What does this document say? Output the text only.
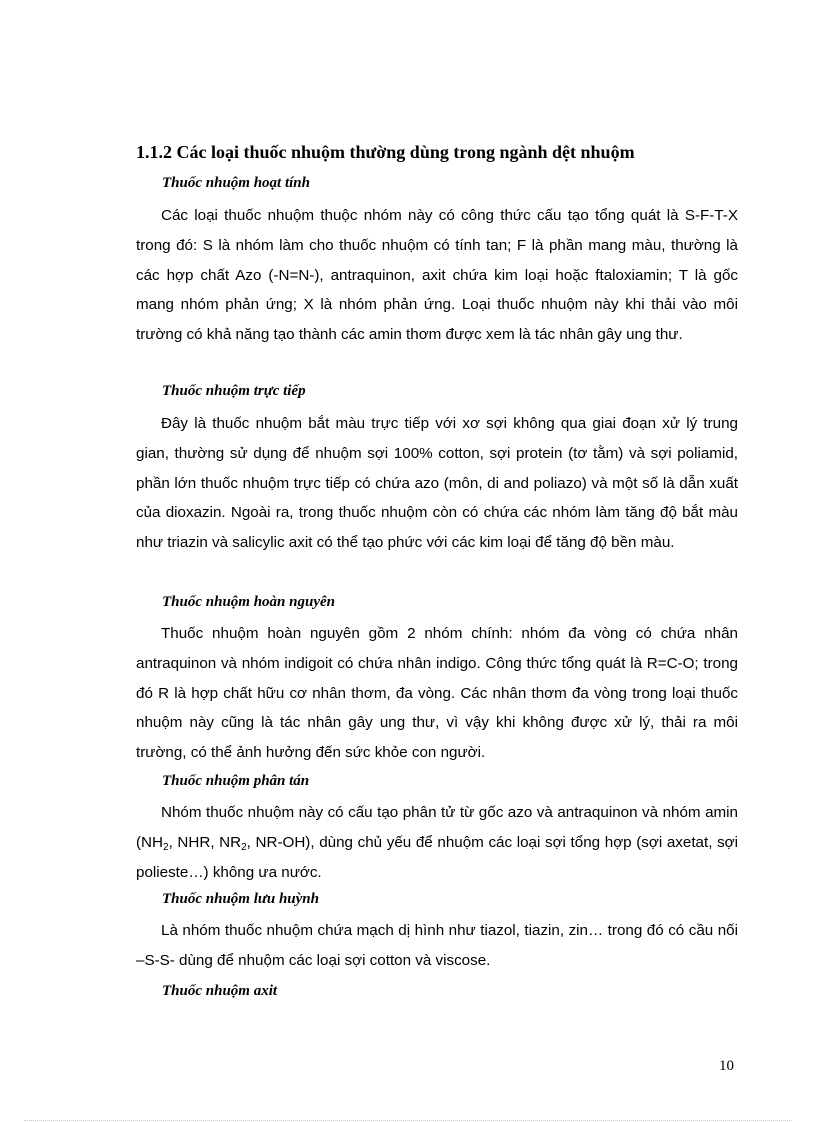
1.1.2 Các loại thuốc nhuộm thường dùng trong ngành dệt nhuộm
Thuốc nhuộm hoạt tính
Các loại thuốc nhuộm thuộc nhóm này có công thức cấu tạo tổng quát là S-F-T-X trong đó: S là nhóm làm cho thuốc nhuộm có tính tan; F là phần mang màu, thường là các hợp chất Azo (-N=N-), antraquinon, axit chứa kim loại hoặc ftaloxiamin; T là gốc mang nhóm phản ứng; X là nhóm phản ứng. Loại thuốc nhuộm này khi thải vào môi trường có khả năng tạo thành các amin thơm được xem là tác nhân gây ung thư.
Thuốc nhuộm trực tiếp
Đây là thuốc nhuộm bắt màu trực tiếp với xơ sợi không qua giai đoạn xử lý trung gian, thường sử dụng để nhuộm sợi 100% cotton, sợi protein (tơ tằm) và sợi poliamid, phần lớn thuốc nhuộm trực tiếp có chứa azo (môn, di and poliazo) và một số là dẫn xuất của dioxazin. Ngoài ra, trong thuốc nhuộm còn có chứa các nhóm làm tăng độ bắt màu như triazin và salicylic axit có thể tạo phức với các kim loại để tăng độ bền màu.
Thuốc nhuộm hoàn nguyên
Thuốc nhuộm hoàn nguyên gồm 2 nhóm chính: nhóm đa vòng có chứa nhân antraquinon và nhóm indigoit có chứa nhân indigo. Công thức tổng quát là R=C-O; trong đó R là hợp chất hữu cơ nhân thơm, đa vòng. Các nhân thơm đa vòng trong loại thuốc nhuộm này cũng là tác nhân gây ung thư, vì vậy khi không được xử lý, thải ra môi trường, có thể ảnh hưởng đến sức khỏe con người.
Thuốc nhuộm phân tán
Nhóm thuốc nhuộm này có cấu tạo phân tử từ gốc azo và antraquinon và nhóm amin ($NH_2$, NHR, $NR_2$, NR-OH), dùng chủ yếu để nhuộm các loại sợi tổng hợp (sợi axetat, sợi polieste…) không ưa nước.
Thuốc nhuộm lưu huỳnh
Là nhóm thuốc nhuộm chứa mạch dị hình như tiazol, tiazin, zin… trong đó có cầu nối –S-S- dùng để nhuộm các loại sợi cotton và viscose.
Thuốc nhuộm axit
10
